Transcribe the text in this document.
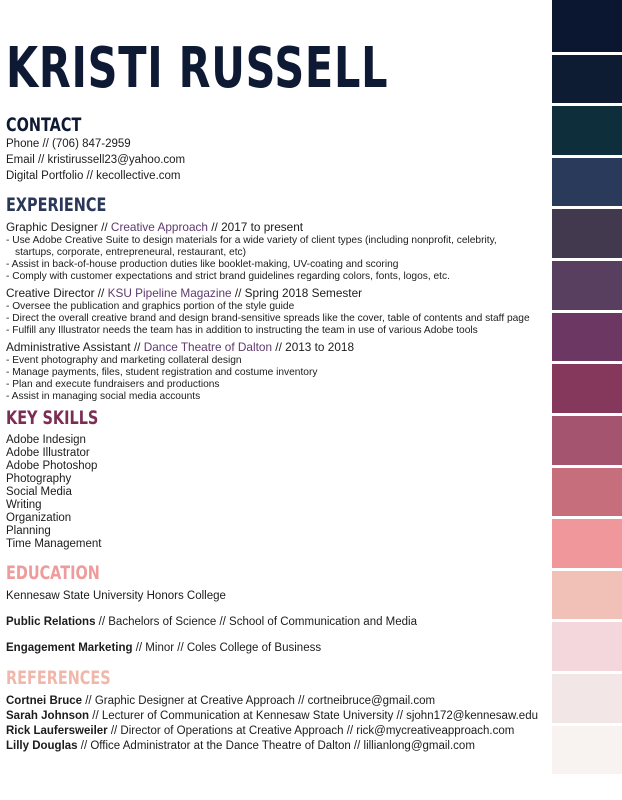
KRISTI RUSSELL
CONTACT
Phone // (706) 847-2959
Email // kristirussell23@yahoo.com
Digital Portfolio // kecollective.com
EXPERIENCE
Graphic Designer // Creative Approach // 2017 to present
- Use Adobe Creative Suite to design materials for a wide variety of client types (including nonprofit, celebrity,
startups, corporate, entrepreneural, restaurant, etc)
- Assist in back-of-house production duties like booklet-making, UV-coating and scoring
- Comply with customer expectations and strict brand guidelines regarding colors, fonts, logos, etc.
Creative Director // KSU Pipeline Magazine // Spring 2018 Semester
- Oversee the publication and graphics portion of the style guide
- Direct the overall creative brand and design brand-sensitive spreads like the cover, table of contents and staff page
- Fulfill any Illustrator needs the team has in addition to instructing the team in use of various Adobe tools
Administrative Assistant // Dance Theatre of Dalton // 2013 to 2018
- Event photography and marketing collateral design
- Manage payments, files, student registration and costume inventory
- Plan and execute fundraisers and productions
- Assist in managing social media accounts
KEY SKILLS
Adobe Indesign
Adobe Illustrator
Adobe Photoshop
Photography
Social Media
Writing
Organization
Planning
Time Management
EDUCATION
Kennesaw State University Honors College
Public Relations // Bachelors of Science // School of Communication and Media
Engagement Marketing // Minor // Coles College of Business
REFERENCES
Cortnei Bruce // Graphic Designer at Creative Approach // cortneibruce@gmail.com
Sarah Johnson // Lecturer of Communication at Kennesaw State University // sjohn172@kennesaw.edu
Rick Laufersweiler // Director of Operations at Creative Approach // rick@mycreativeapproach.com
Lilly Douglas // Office Administrator at the Dance Theatre of Dalton // lillianlong@gmail.com
